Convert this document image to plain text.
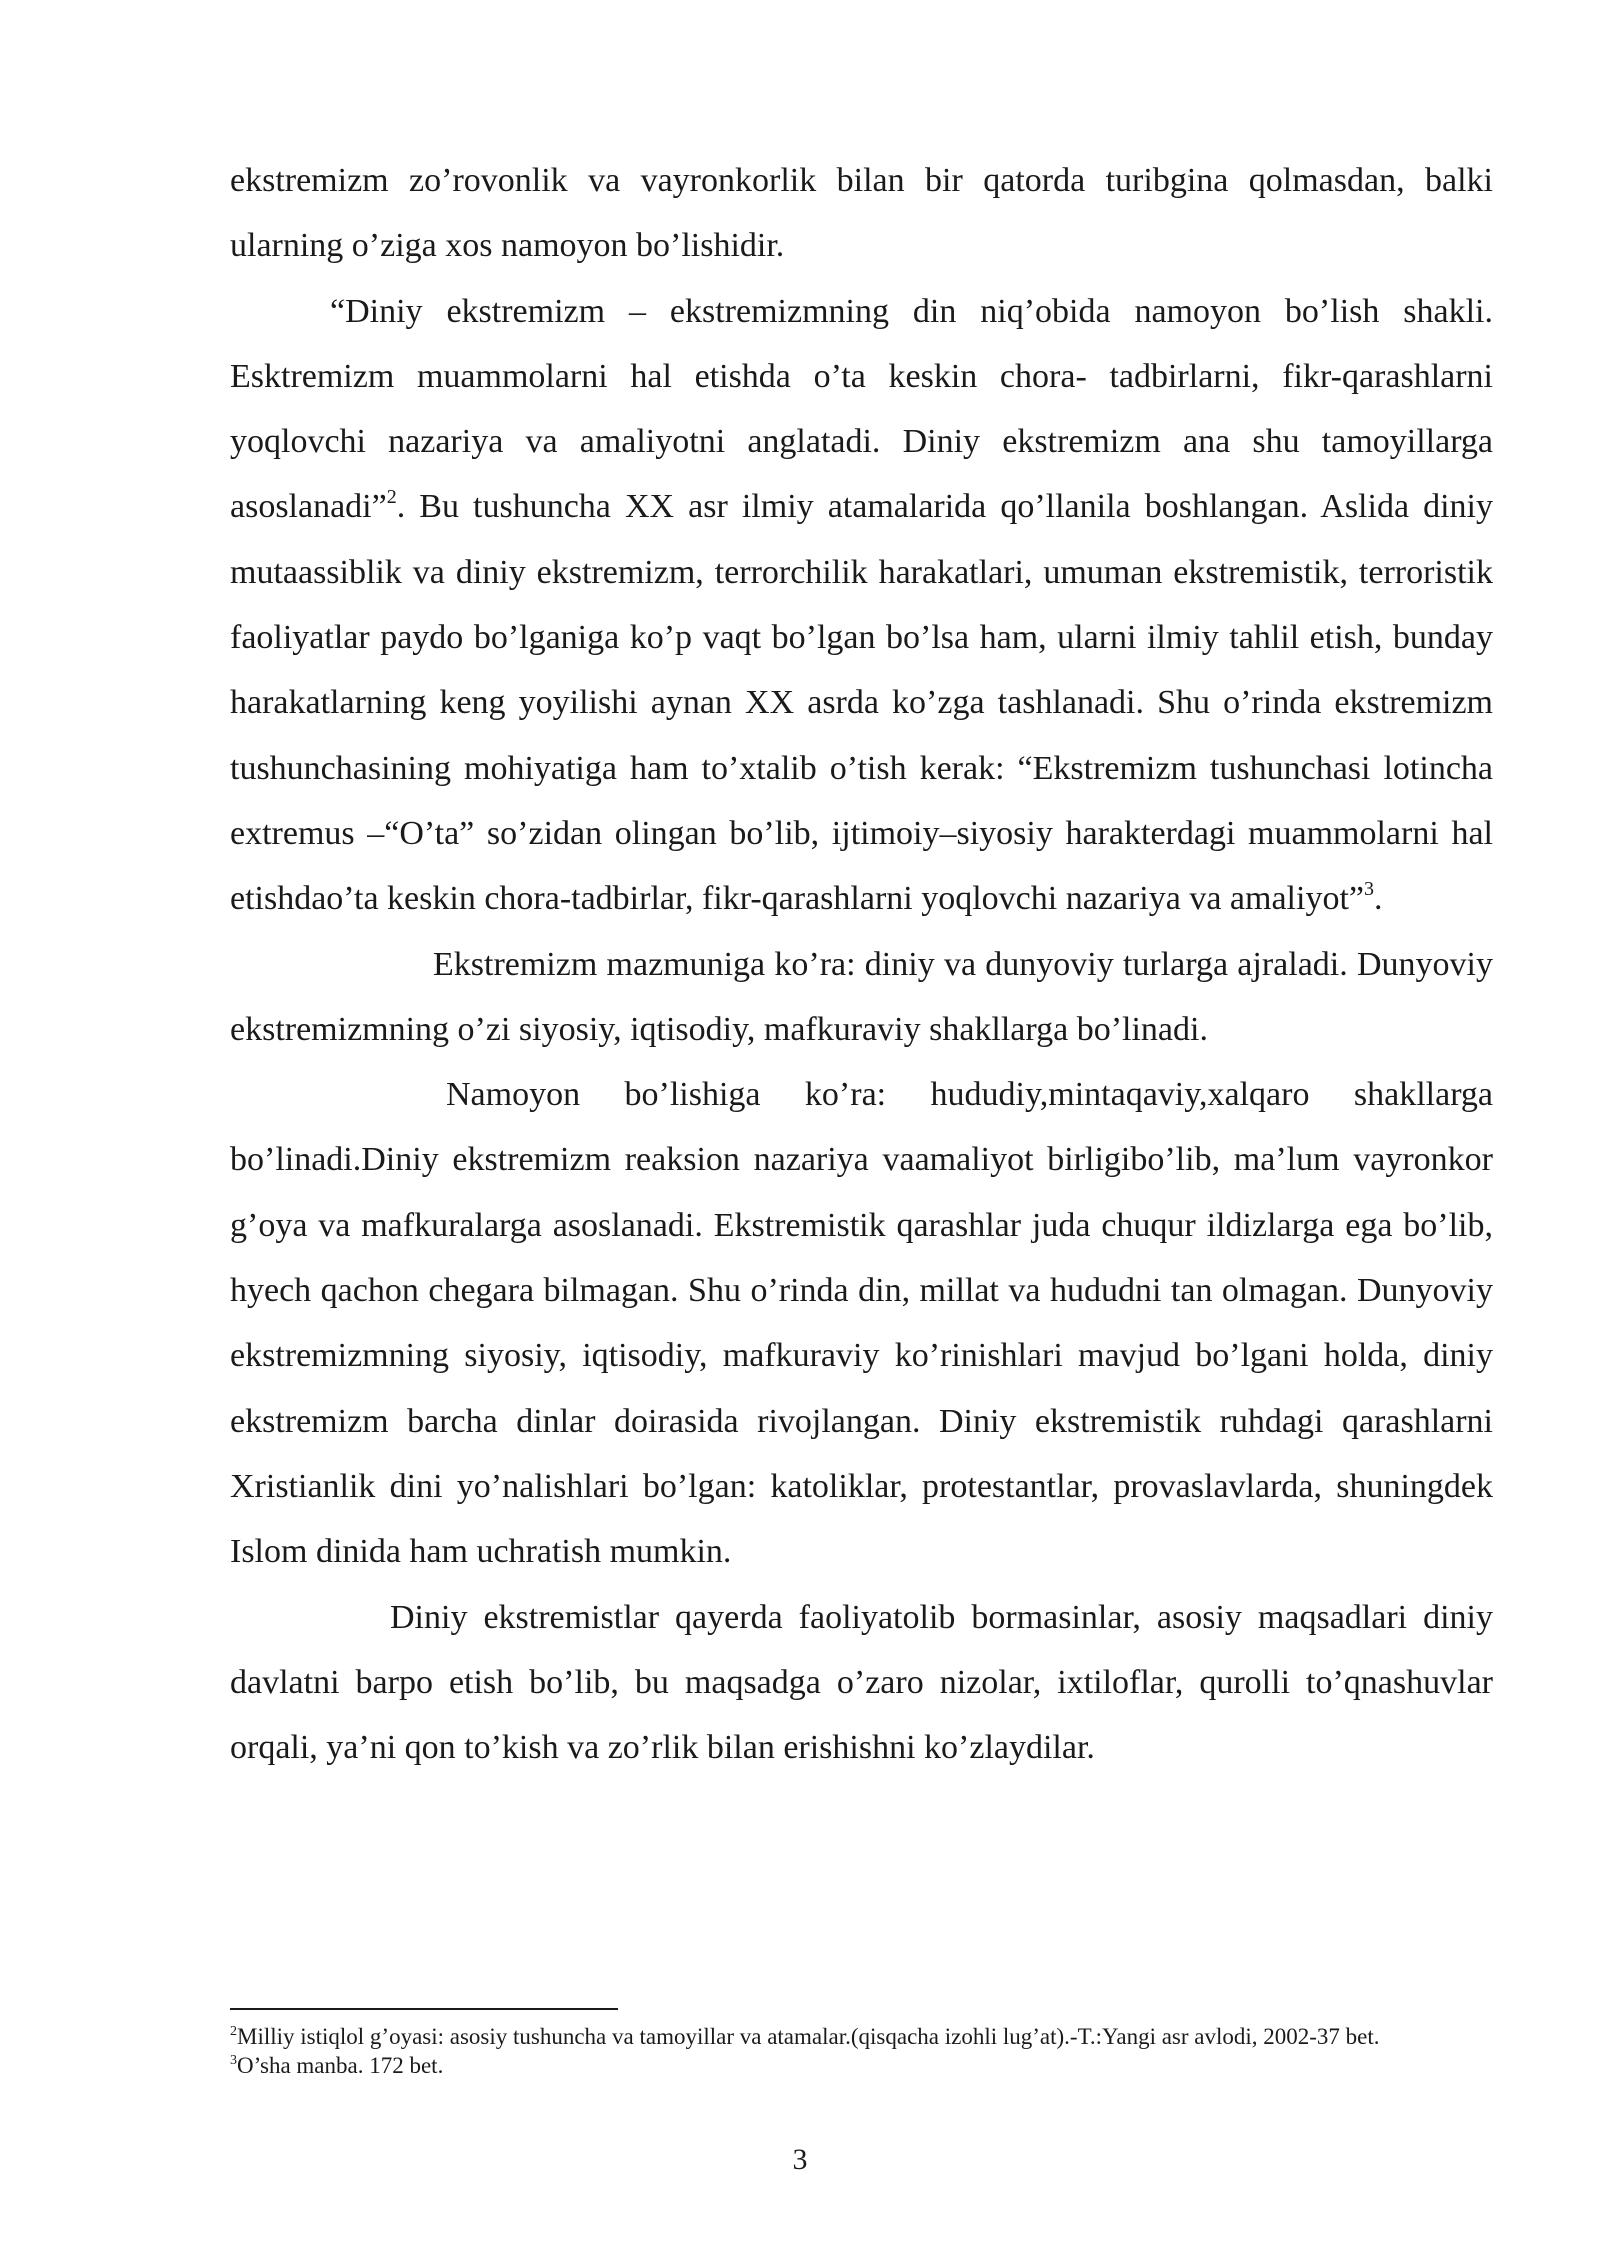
ekstremizm zo’rovonlik va vayronkorlik bilan bir qatorda turibgina qolmasdan, balki ularning o’ziga xos namoyon bo’lishidir.

“Diniy ekstremizm – ekstremizmning din niq’obida namoyon bo’lish shakli. Esktremizm muammolarni hal etishda o’ta keskin chora- tadbirlarni, fikr-qarashlarni yoqlovchi nazariya va amaliyotni anglatadi. Diniy ekstremizm ana shu tamoyillarga asoslanadi”$^2$. Bu tushuncha XX asr ilmiy atamalarida qo’llanila boshlangan. Aslida diniy mutaassiblik va diniy ekstremizm, terrorchilik harakatlari, umuman ekstremistik, terroristik faoliyatlar paydo bo’lganiga ko’p vaqt bo’lgan bo’lsa ham, ularni ilmiy tahlil etish, bunday harakatlarning keng yoyilishi aynan XX asrda ko’zga tashlanadi. Shu o’rinda ekstremizm tushunchasining mohiyatiga ham to’xtalib o’tish kerak: “Ekstremizm tushunchasi lotincha extremus –“O’ta” so’zidan olingan bo’lib, ijtimoiy–siyosiy harakterdagi muammolarni hal etishdao’ta keskin chora-tadbirlar, fikr-qarashlarni yoqlovchi nazariya va amaliyot”$^3$.

Ekstremizm mazmuniga ko’ra: diniy va dunyoviy turlarga ajraladi. Dunyoviy ekstremizmning o’zi siyosiy, iqtisodiy, mafkuraviy shakllarga bo’linadi.

Namoyon bo’lishiga ko’ra: hududiy,mintaqaviy,xalqaro shakllarga bo’linadi.Diniy ekstremizm reaksion nazariya vaamaliyot birligibo’lib, ma’lum vayronkor g’oya va mafkuralarga asoslanadi. Ekstremistik qarashlar juda chuqur ildizlarga ega bo’lib, hyech qachon chegara bilmagan. Shu o’rinda din, millat va hududni tan olmagan. Dunyoviy ekstremizmning siyosiy, iqtisodiy, mafkuraviy ko’rinishlari mavjud bo’lgani holda, diniy ekstremizm barcha dinlar doirasida rivojlangan. Diniy ekstremistik ruhdagi qarashlarni Xristianlik dini yo’nalishlari bo’lgan: katoliklar, protestantlar, provaslavlarda, shuningdek Islom dinida ham uchratish mumkin.

Diniy ekstremistlar qayerda faoliyatolib bormasinlar, asosiy maqsadlari diniy davlatni barpo etish bo’lib, bu maqsadga o’zaro nizolar, ixtiloflar, qurolli to’qnashuvlar orqali, ya’ni qon to’kish va zo’rlik bilan erishishni ko’zlaydilar.

$^2$Milliy istiqlol g’oyasi: asosiy tushuncha va tamoyillar va atamalar.(qisqacha izohli lug’at).-T.:Yangi asr avlodi, 2002-37 bet.

$^3$O’sha manba. 172 bet.

3
